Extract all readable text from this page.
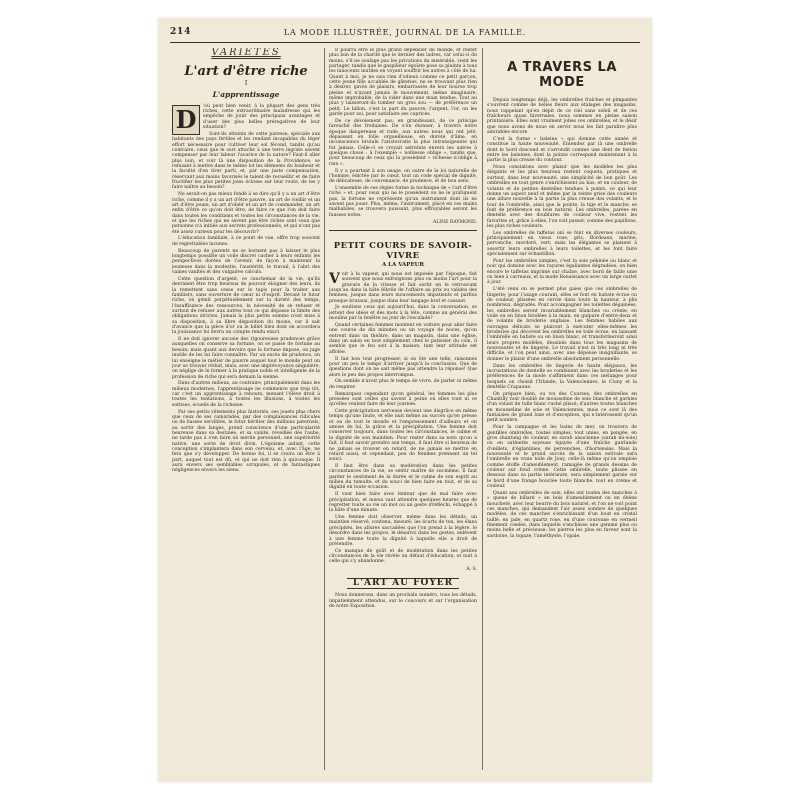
214	LA MODE ILLUSTRÉE, JOURNAL DE LA FAMILLE.
VARIÉTÉS
L'art d'être riche
I
L'apprentissage
D	'où peut bien venir, à la plupart des gens très riches, cette extraordinaire maladresse qui les empêche de jouir des principaux avantages et d'user des plus belles prérogatives de leur situation?

Sont-ils atteints de cette paresse, spéciale aux habitants des pays fertiles et les rendant incapables du léger effort nécessaire pour cultiver leur sol fécond, tandis qu'au contraire, ceux que le sort attache à une terre ingrate savent compenser par leur labeur l'avarice de la nature? Faut-il aller plus loin, et voir là une disposition de la Providence, se refusant à mettre dans le même lot les éléments du bonheur et la faculté d'en tirer parti, et, par une juste compensation, réservant aux moins favorisés le talent de recueillir et de faire fructifier les plus petites joies écloses sur leur route, de les y faire naître au besoin?

Ne serait-on pas mieux fondé à se dire qu'il y a un art d'être riche, comme il y a un art d'être pauvre, un art de vieillir et un art d'être jeune, un art d'obéir et un art de commander, un art enfin d'être ce qu'on doit être, de faire ce que l'on doit faire dans toutes les conditions et toutes les circonstances de la vie, et que les riches qui ne savent pas être riches sont ceux que personne n'a initiés aux secrets professionnels, et qui n'ont pas été assez curieux pour les découvrir?

L'éducation familiale, à ce point de vue, offre trop souvent de regrettables lacunes.

Beaucoup de parents ne se bornent pas à laisser le plus longtemps possible un voile discret cacher à leurs enfants les perspectives dorées de l'avenir, de façon à maintenir la jeunesse dans la modestie, l'austérité, le travail, à l'abri des vaines vanités et des vulgaires calculs.

Cette question d'argent, ce cauchemar de la vie, qu'ils devraient être trop heureux de pouvoir éloigner des leurs, ils la remettent sans cesse sur le tapis pour la traiter aux familiers, sans ouverture de cœur ni d'esprit. Devant le futur riche, on gémit perpétuellement sur la dureté des temps, l'insuffisance des ressources, la nécessité de se refuser et surtout de refuser aux autres tout ce qui dépasse la limite des obligations strictes. Jamais la plus petite somme n'est mise à sa disposition, à sa libre disposition du moins, car il sait d'avance que la pièce d'or ou le billet bleu dont on accordera la jouissance lui devra un compte rendu exact.

Il ne doit ignorer aucune des rigoureuses prudences grâce auxquelles on conserve sa fortune, on se passe de fortune au besoin; mais quant aux devoirs que la fortune impose, on juge inutile de les lui faire connaître. Par un excès de prudence, on lui enseigne le métier de pauvre auquel tout le monde peut un jour se trouver réduit, mais, avec une imprévoyance singulière, on néglige de le former à la pratique noble et intelligente de la profession de riche qui sera demain la sienne.

Dans d'autres milieux, au contraire, principalement dans les milieux modernes, l'apprentissage ne commence que trop tôt, car c'est un apprentissage à rebours, menant l'élève droit à toutes les tentations, à toutes les illusions, à toutes les sottises, écueils de la richesse.

Par ses petits vêtements plus historiés, ses jouets plus chers que ceux de ses camarades, par des complaisances ridicules ou de basses servilités, le futur héritier des millions paternels, au sortir des langes, prend conscience d'une particularité heureuse dans sa destinée, et sa vanité, réveillée dès l'aube, ne tarde pas à s'en faire un mérite personnel, une supériorité native, une sorte de droit divin. L'égoïsme aidant, cette conception s'implantera dans son cerveau, et, avec l'âge, ne fera que s'y développer. De bonne foi, il se croira un être à part, auquel tout est dû, et qui ne doit rien à quiconque. Il aura envers ses semblables scrupules, et de fantastiques négligences envers les siens.

Il pourra être le plus grand dépensier du monde, et rester plus loin de la charité que le dernier des ladres, car celui-ci du moins, s'il ne soulage pas les privations du misérable, vient les partager, tandis que le gaspilleur égoïste pose sa plainte à tous les innocents inutiles en voyant souffrir les autres à côté de lui. Quant à moi, je ne sais rien d'odieux comme ce petit garçon, cette jeune fille accablée de gâteries, ne se trouvant plus rien à désirer, gavés de plaisirs, embarrassés de leur bourse trop pleine et n'ayant jamais le mouvement, même imaginaire, même improbable, de la vider dans une main tendue. Tout au plus y laisseront-ils tomber un gros sou — de préférence un petit. Le billon, c'est la part du pauvre; l'argent, l'or, on les garde pour soi, pour satisfaire ses caprices.

De ce dévoiement pas, en grandissant, de ce principe farouché des fredaines. De s'en étonner, à travers notre époque dangereuse et rude, aux autres nous qui ont jeté, dépassent en folie orgueilleuse, en dureté d'âme, en inconscience brutale l'aristocratie la plus intransigeante qui fut jamais. Celle-ci se croyait astreinte envers les autres à quelque chose : à l'exemple « noblesse oblige », tandis que, pour beaucoup de ceux qui la possèdent « richesse n'oblige à rien ».

Il y a pourtant à son usage, on outre de la loi naturelle de l'homme, édictée par le cœur, tout un code spécial de dignité, de délicatesse, de convenance, de prudence, et de bon sens.

L'ensemble de ces règles forme la technique de « l'art d'être riche » et, pour ceux qui ne le possèdent ou ne le pratiquent pas, la fortune ne représente qu'un instrument dont ils ne savent pas jouer. Plus, même, l'instrument, placé en ces mains malhabiles, se trouvera puissant, plus effroyables seront les fausses notes.

ALINE RAYMOND.
PETIT COURS DE SAVOIR-VIVRE
A LA VAPEUR
V oir à la vapeur, qui nous est imposée par l'époque, fait souvent que nous enfreignons plus ou moins l'art pour la gravure de la vitesse et fait sortir en le retrouvant jusqu'au dans la hâte fébrile de l'affaire au prix ou valides des femmes, jusque dans leurs mouvements impatients et parfois presque brutaux, jusque dans leur langage bref et cassant.

Je soutiens ceux qui aujourd'hui, dans la conversation, se jettent des idées et des mots à la tête, comme un général des moulins par la fenêtre au jour de l'escalade?

Quand certaines femmes montent en voiture pour aller faire une course de dix minutes ou un voyage de noces, qu'on entrent dans un théâtre, dans un magasin, dans une église, dans un salon en tout simplement chez le patissier du coin, il semble que le feu soit à la maison, tant leur attitude est affolée.

Il fait bon tout progresser, si on ôte une telle, raisonnez pour un peu le temps d'arriver jusqu'à la conclusion. Que de questions dont on ne sait même pas attendre la réponse! Que alors le peu des propos interrompus.

On semble n'avoir plus le temps de vivre, de parler ni même de respirer.

Remarquez cependant qu'en général, les femmes les plus pressées sont celles qui savent à peine où elles vont ni ce qu'elles veulent faire de leur journée.

Cette précipitation nerveuse devient une disgrâce en même temps qu'une faute, et elle nuit même au succès qu'en presse et on de tout le monde et l'empressement d'ailleurs et on amuse de lui, la grâce et la précipitation. Une femme doit conserver toujours, dans toutes les circonstances, le calme et la dignité de son maintien. Pour rester dans sa note qu'on a fait, il faut savoir prendre son temps, il faut être si heureux de ne jamais se trouver en retard, de ne jamais se mettre en retard aussi, et cependant, peu de femmes prennent un tel souci.

Il faut être dans sa modération dans les petites circonstances de la vie, se sentir maître de soi-même. Il faut garder le sentiment de la durée et le calme de son esprit au milieu du tumulte, et du souci de bien faire en tout, et de sa dignité en toute occasion.

Il vaut bien faire avec lenteur que de mal faire avec précipitation, et mieux vaut attendre quelques heures que de regretter toute sa vie un mot ou un geste irréfléchi, échappé à la hâte d'une minute.

Une femme doit observer, même dans les détails, un maintien réservé, contenu, mesuré; les écarts de ton, les élans précipités, les allures saccadées que l'on prend à la légère, le désordre dans les propos, le désarroi dans les gestes, enlèvent à une femme toute la dignité à laquelle elle a droit de prétendre.

Ce manque de goût et de modération dans les petites circonstances de la vie révèle un défaut d'éducation, et nuit à celle qui s'y abandonne.

A. S.
L'ART AU FOYER

Nous donnerons, dans un prochain numéro, tous les détails, impatiemment attendus, sur le concours et sur l'organisation de notre Exposition.

A TRAVERS LA MODE

Depuis longtemps déjà, les ombrelles fraîches et pimpantes s'ouvrent comme de belles fleurs aux étalages des magasins, nous rappelant qu'en dépit de ce ciel sans soleil et de ces fraîcheurs quasi hivernales, nous sommes en pleine saison printanière. Elles sont vraiment jolies ces ombrelles, et le désir que nous avons de nous en servir nous les fait paraître plus adorables encore.

C'est la forme « baleine » qui domine cette année et constitue la haute nouveauté. Entendez par là une ombrelle dont le bord descend et s'arrondit comme une dent de feston entre les baleines, dont la pointe correspond maintenant à la partie la plus creuse du contour.

Nous constatons avec plaisir que les modèles les plus élégants et les plus heureux restent coquets, pratiques et surtout, dans leur nouveauté, une simplicité de bon goût. Les ombrelles en tout genre s'enrichissent au bas, et en couleur, de volants et de petites dentelles tendues à points, ce qui leur donne un aspect neuf et même par la teinte grise des couleurs une allure nouvelle à la partie la plus creuse des volants, et le tour de l'ombrelle, ainsi que la pointe, la tige et le manche, se font de préférence en bois naturel. Les ombrelles, parées en dentelle avec des doublures de couleur vive, restent les favorites et, grâce à elles, l'on voit passer, comme des papillons, les plus riches couleurs.

Les ombrelles de taffetas uni se font en diverses couleurs, principalement en vieux rose, gris, Bordeaux, marine, pervenche, mordoré, vert; mais les élégantes se plaisent à assortir leurs ombrelles à leurs toilettes, et les font faire spécialement sur échantillon.

Pour les ombrelles simples, c'est la soie pékinée ou blanc et noir qui domine avec les rayures égaliantes dégradées; on bien encore le taffetas imprimé sur chaîne, avec bord de faille unie ou bien à carreaux, et la mode Renaissance avec un large ourlet à jour.

L'été venu on se permet plus gaies que ces ombrelles de lingerie; pour l'usage courant, elles se font en batiste écrue ou de couleur, plissées en cercle dans toute la hauteur, à plis nombreux, dégradés. Pour accompagner les toilettes dégainées, les ombrelles seront invariablement blanches ou crème, en voile ou en linon brodées à la main, en guipure d'entre-deux et de volants de broderie anglaise. Les femmes habiles aux ouvrages délicats se plairont à exécuter elles-mêmes les broderies qui décorent les ombrelles en toile écrue, en laissant l'ombrelle en batiste ou en linon blanc, et transformeront ainsi leurs propres modèles, dessinés dans tous les magasins de nouveautés et de lingerie. Le travail n'est ni très long ni très difficile, et l'on peut ainsi, avec une dépense insignifiante, se donner le plaisir d'une ombrelle absolument personnelle.

Dans les ombrelles de lingerie de haute élégance, les incrustations de dentelle se combinent avec les broderies et les préférences de la mode s'affirment dans ces mélanges pour lesquels on choisit l'Irlande, la Valenciennes, le Cluny et la dentelle Crapaune.

On prépare bien, ou voi des Courses, des ombrelles en Chantilly noir doublé de mousseline de soie blanche et garnies d'un volant de tulle blanc ruché plissé; d'autres toutes blanches en mousseline de soie et Valenciennes, mais ce sont là des fantaisies de grand luxe et d'exception, qui n'intéressent qu'un petit nombre.

Pour la campagne et les bains de mer, on trouvera de gentilles ombrelles, toutes simples, tout unies, en pongée, en gros shantung de couleur, en surah alsacienne (surah mi-soie) ou en satinette soyeuse égayée d'une fraîche guirlande d'œillets, d'églantines, de pervenches, d'hortensias. Mais la nouveauté et le grand succès de la saison estivale sera l'ombrelle en vraie toile de Jouy, celle-là même qu'on emploie comme étoffe d'ameublement, ramagée de grands dessins de couleur sur fond crème. Cette ombrelle, toute plissée en dessous dans sa partie intérieure, sera simplement garnie sur le bord d'une frange bouclée toute blanche, tout en crème et couleur.

Quant aux ombrelles de soie, elles ont toutes des manches à « queue de billard » en bois d'ameublement ou en ébène moucheté, avec leur beurre du bois naturel, et l'on ne voit point ces manches, qui demandent l'air assez sombre de quelques modèles, de ces manches s'enrichissant d'un bout en cristal taillé, en jade, en quartz rose, en d'une couronne en vermeil finement ciselée, dans laquelle s'enchâsse une gemme plus ou moins belle et précieuse; les pierres les plus en faveur sont la sardoine, la topaze, l'améthyste, l'opale.
